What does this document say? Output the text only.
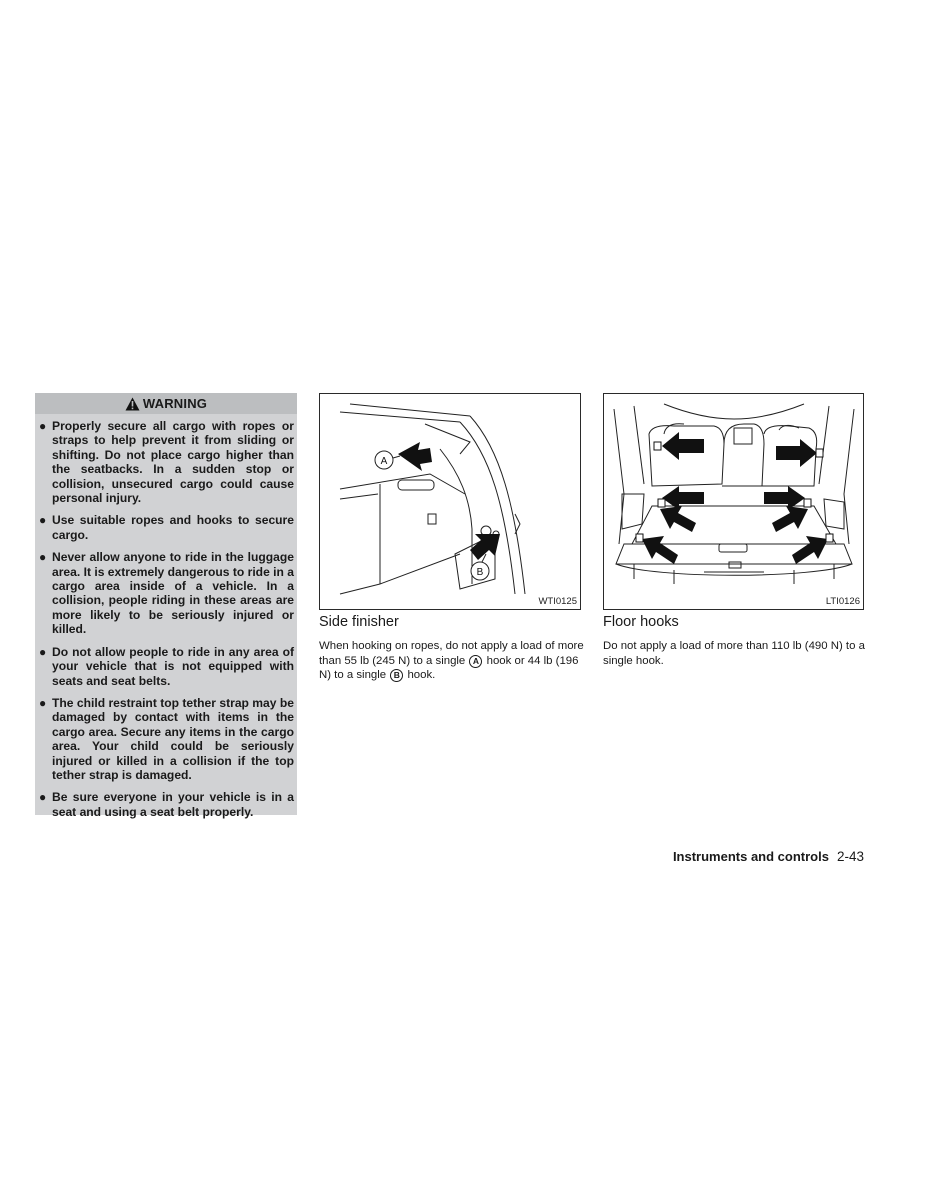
WARNING
● Properly secure all cargo with ropes or straps to help prevent it from sliding or shifting. Do not place cargo higher than the seatbacks. In a sudden stop or collision, unsecured cargo could cause personal injury.
● Use suitable ropes and hooks to secure cargo.
● Never allow anyone to ride in the luggage area. It is extremely dangerous to ride in a cargo area inside of a vehicle. In a collision, people riding in these areas are more likely to be seriously injured or killed.
● Do not allow people to ride in any area of your vehicle that is not equipped with seats and seat belts.
● The child restraint top tether strap may be damaged by contact with items in the cargo area. Secure any items in the cargo area. Your child could be seriously injured or killed in a collision if the top tether strap is damaged.
● Be sure everyone in your vehicle is in a seat and using a seat belt properly.
A
B
WTI0125	LTI0126
Side finisher	Floor hooks
When hooking on ropes, do not apply a load of more than 55 lb (245 N) to a single A hook or 44 lb (196 N) to a single B hook.
Do not apply a load of more than 110 lb (490 N) to a single hook.
Instruments and controls 2-43
